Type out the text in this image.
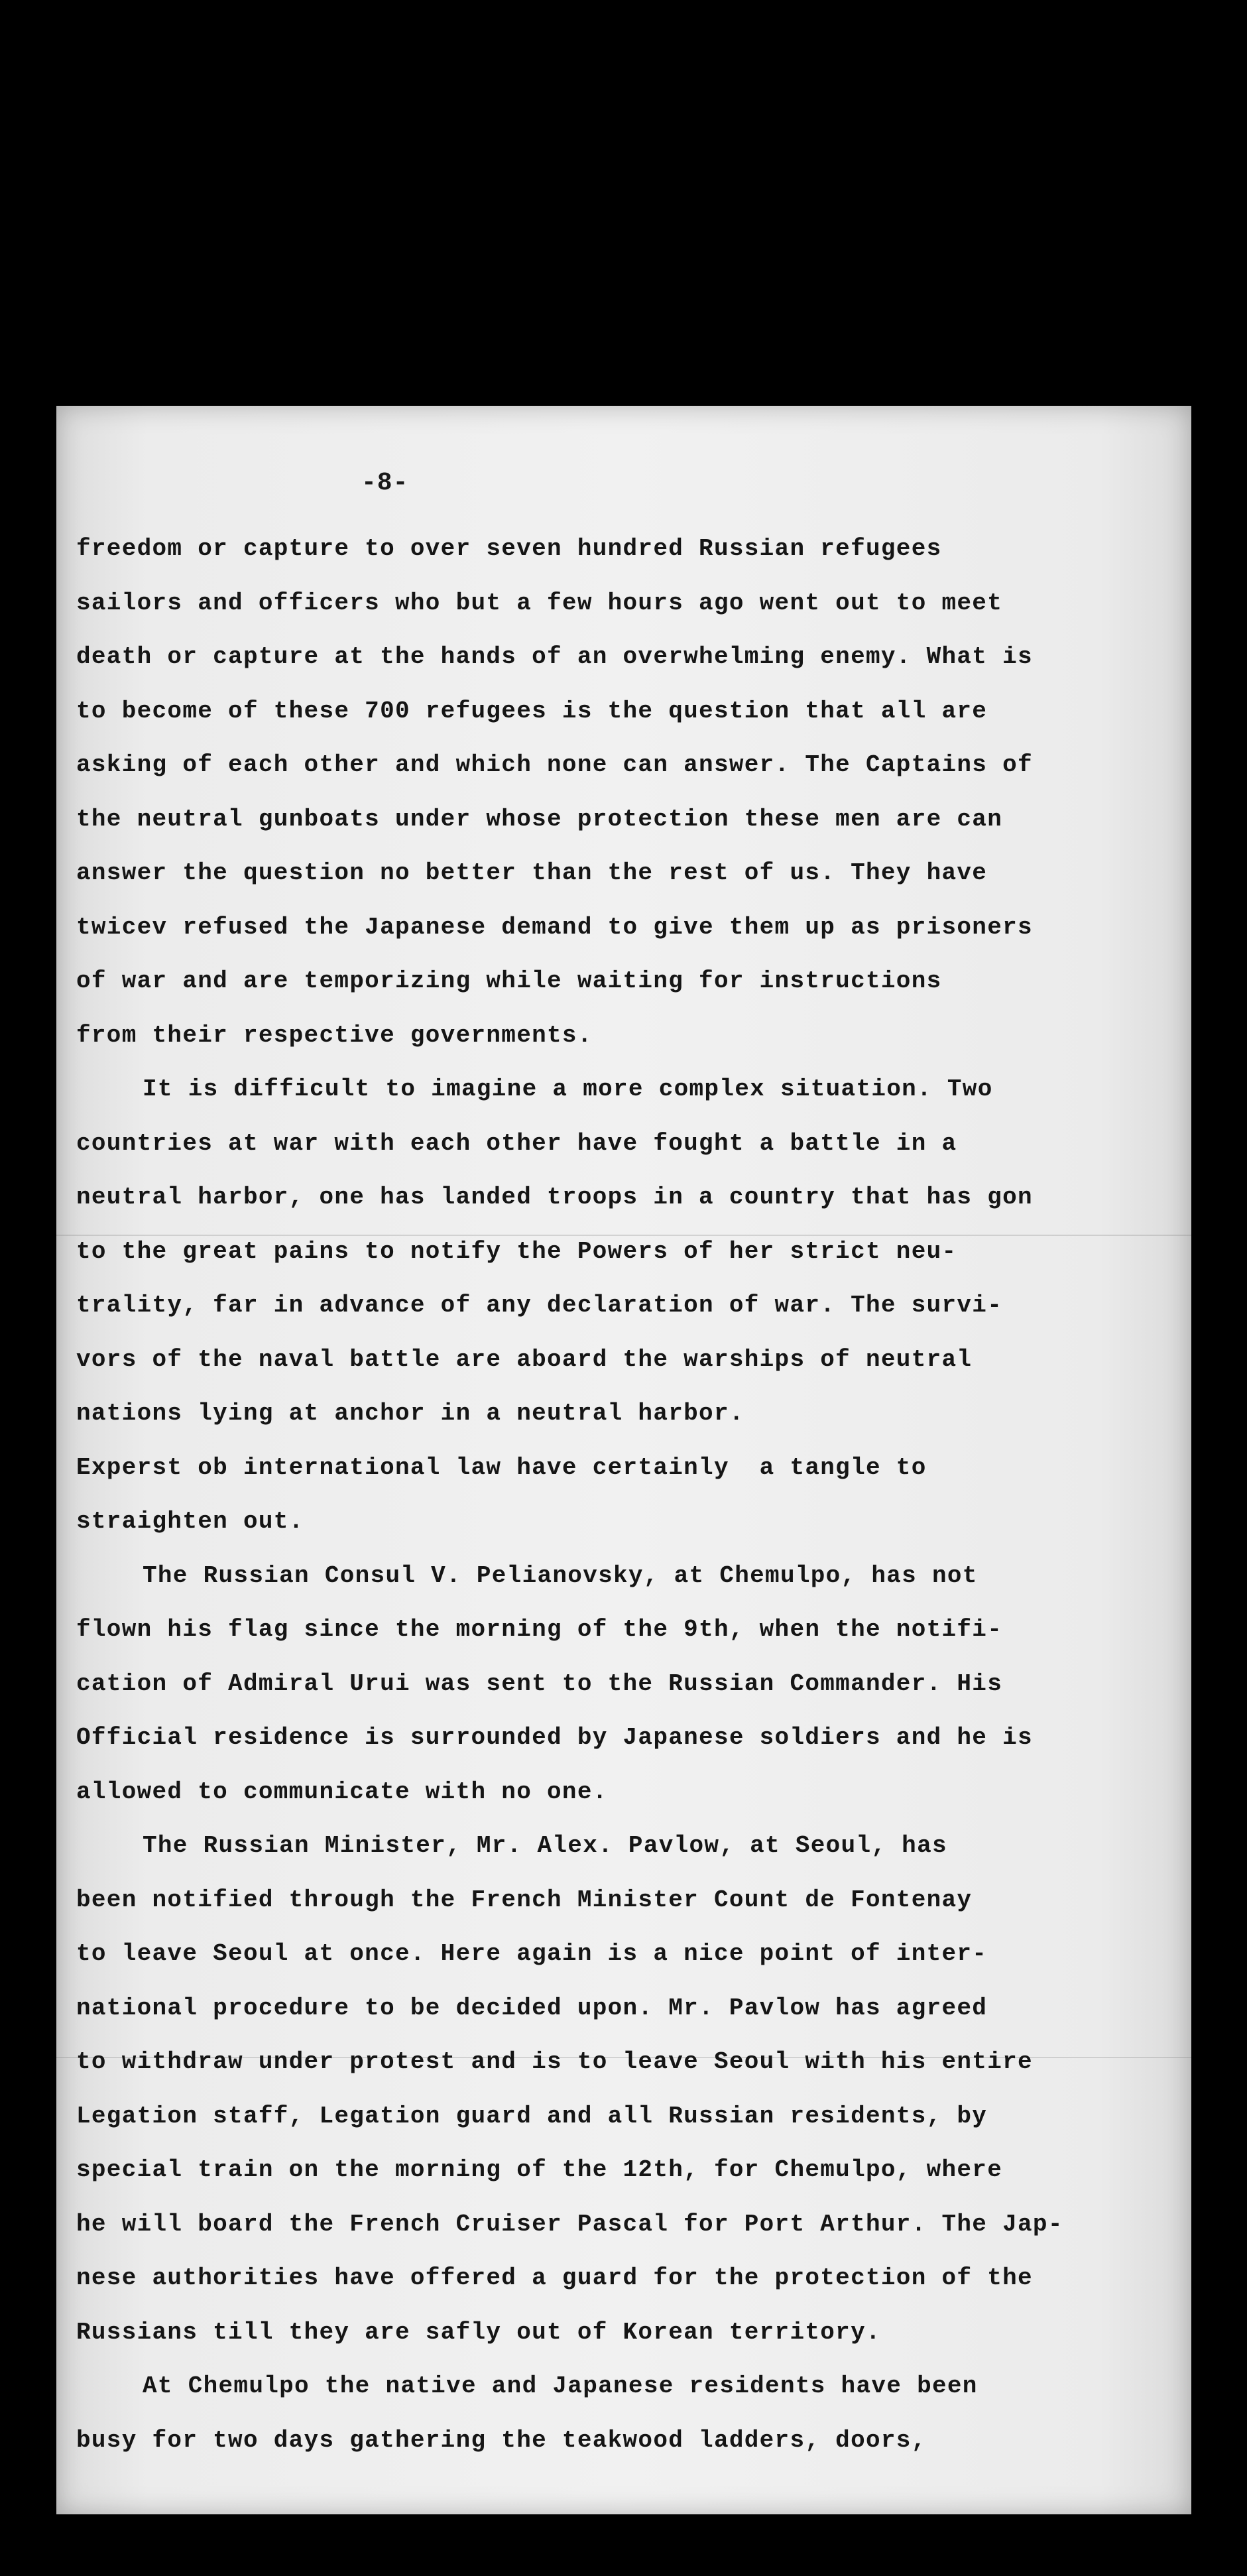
-8-
freedom or capture to over seven hundred Russian refugees
sailors and officers who but a few hours ago went out to meet
death or capture at the hands of an overwhelming enemy. What is
to become of these 700 refugees is the question that all are
asking of each other and which none can answer. The Captains of
the neutral gunboats under whose protection these men are can
answer the question no better than the rest of us. They have
twicev refused the Japanese demand to give them up as prisoners
of war and are temporizing while waiting for instructions
from their respective governments.
It is difficult to imagine a more complex situation. Two
countries at war with each other have fought a battle in a
neutral harbor, one has landed troops in a country that has gon
to the great pains to notify the Powers of her strict neu-
trality, far in advance of any declaration of war. The survi-
vors of the naval battle are aboard the warships of neutral
nations lying at anchor in a neutral harbor.
Experst ob international law have certainly  a tangle to
straighten out.
The Russian Consul V. Pelianovsky, at Chemulpo, has not
flown his flag since the morning of the 9th, when the notifi-
cation of Admiral Urui was sent to the Russian Commander. His
Official residence is surrounded by Japanese soldiers and he is
allowed to communicate with no one.
The Russian Minister, Mr. Alex. Pavlow, at Seoul, has
been notified through the French Minister Count de Fontenay
to leave Seoul at once. Here again is a nice point of inter-
national procedure to be decided upon. Mr. Pavlow has agreed
to withdraw under protest and is to leave Seoul with his entire
Legation staff, Legation guard and all Russian residents, by
special train on the morning of the 12th, for Chemulpo, where
he will board the French Cruiser Pascal for Port Arthur. The Jap-
nese authorities have offered a guard for the protection of the
Russians till they are safly out of Korean territory.
At Chemulpo the native and Japanese residents have been
busy for two days gathering the teakwood ladders, doors,
